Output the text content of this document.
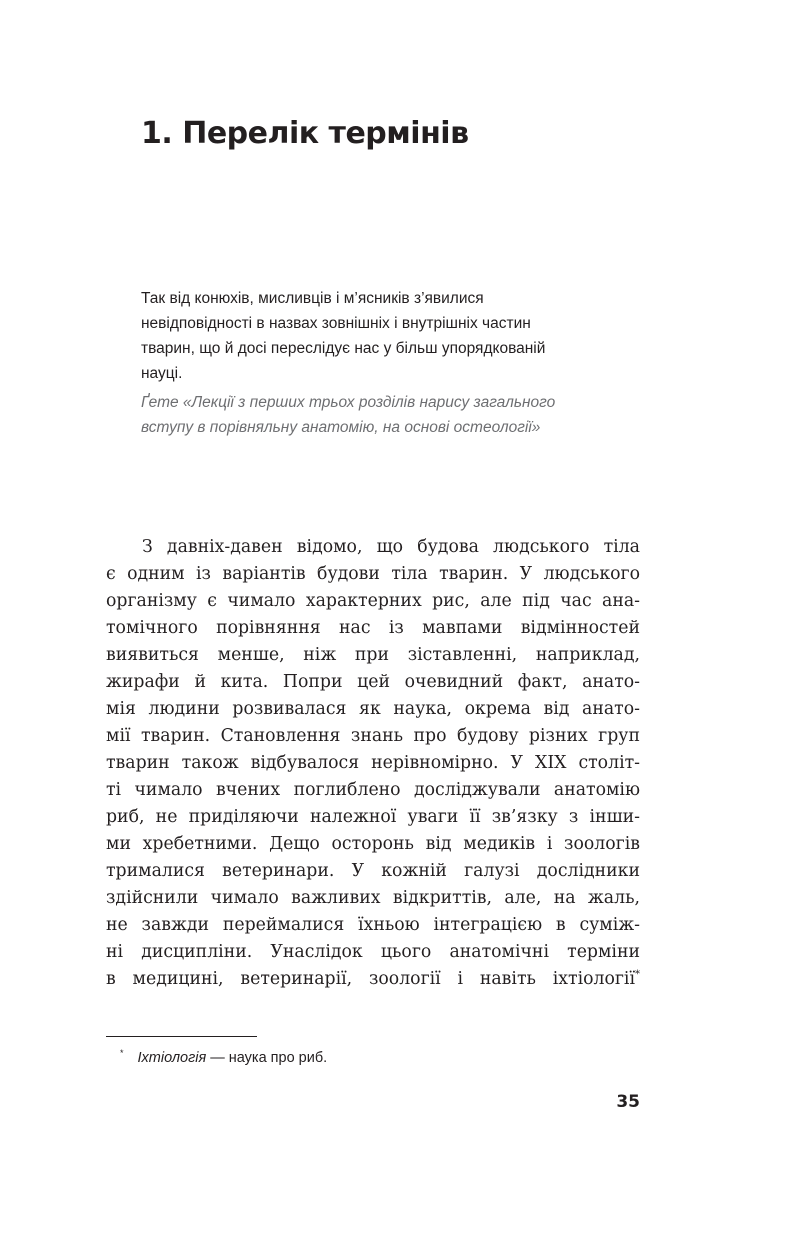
1. Перелік термінів

Так від конюхів, мисливців і м’ясників з’явилися
невідповідності в назвах зовнішніх і внутрішніх частин
тварин, що й досі переслідує нас у більш упорядкованій
науці.

Ґете «Лекції з перших трьох розділів нарису загального
вступу в порівняльну анатомію, на основі остеології»

З давніх-давен відомо, що будова людського тіла
є одним із варіантів будови тіла тварин. У людського
організму є чимало характерних рис, але під час ана-
томічного порівняння нас із мавпами відмінностей
виявиться менше, ніж при зіставленні, наприклад,
жирафи й кита. Попри цей очевидний факт, анато-
мія людини розвивалася як наука, окрема від анато-
мії тварин. Становлення знань про будову різних груп
тварин також відбувалося нерівномірно. У XIX століт-
ті чимало вчених поглиблено досліджували анатомію
риб, не приділяючи належної уваги її зв’язку з інши-
ми хребетними. Дещо осторонь від медиків і зоологів
трималися ветеринари. У кожній галузі дослідники
здійснили чимало важливих відкриттів, але, на жаль,
не завжди переймалися їхньою інтеграцією в суміж-
ні дисципліни. Унаслідок цього анатомічні терміни
в медицині, ветеринарії, зоології і навіть іхтіології*
* Іхтіологія — наука про риб.
35
